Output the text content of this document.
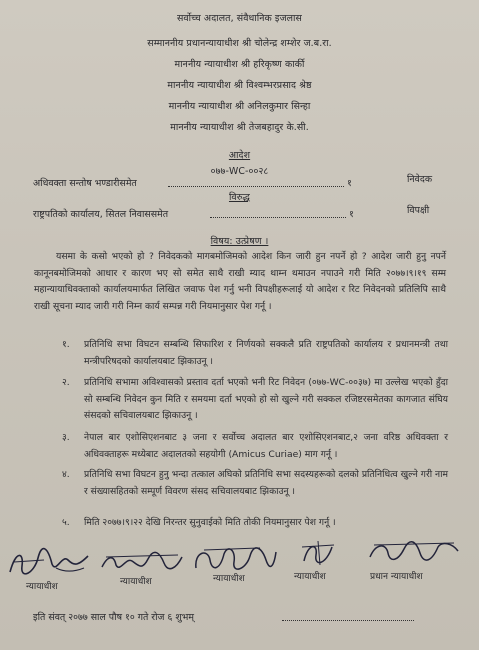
सर्वोच्च अदालत, संवैधानिक इजलास
सम्माननीय प्रधानन्यायाधीश श्री चोलेन्द्र शम्शेर ज.ब.रा.
माननीय न्यायाधीश श्री हरिकृष्ण कार्की
माननीय न्यायाधीश श्री विश्वम्भरप्रसाद श्रेष्ठ
माननीय न्यायाधीश श्री अनिलकुमार सिन्हा
माननीय न्यायाधीश श्री तेजबहादुर के.सी.
आदेश
०७७-WC-००२८
अधिवक्ता सन्तोष भण्डारीसमेत	१	निवेदक
विरुद्ध
राष्ट्रपतिको कार्यालय, सितल निवाससमेत	१	विपक्षी
विषय: उत्प्रेषण ।
यसमा के कसो भएको हो ? निवेदकको मागबमोजिमको आदेश किन जारी हुन नपर्ने हो ? आदेश जारी हुनु नपर्ने कानूनबमोजिमको आधार र कारण भए सो समेत साथै राखी म्याद थाम्न थमाउन नपाउने गरी मिति २०७७।९।१९ सम्म महान्यायाधिवक्ताको कार्यालयमार्फत लिखित जवाफ पेश गर्नु भनी विपक्षीहरूलाई यो आदेश र रिट निवेदनको प्रतिलिपि साथै राखी सूचना म्याद जारी गरी निम्न कार्य सम्पन्न गरी नियमानुसार पेश गर्नू ।
१. प्रतिनिधि सभा विघटन सम्बन्धि सिफारिश र निर्णयको सक्कलै प्रति राष्ट्रपतिको कार्यालय र प्रधानमन्त्री तथा मन्त्रीपरिषदको कार्यालयबाट झिकाउनू ।
२. प्रतिनिधि सभामा अविश्वासको प्रस्ताव दर्ता भएको भनी रिट निवेदन (०७७-WC-००३७) मा उल्लेख भएको हुँदा सो सम्बन्धि निवेदन कुन मिति र समयमा दर्ता भएको हो सो खुल्ने गरी सक्कल रजिष्टरसमेतका कागजात संघिय संसदको सचिवालयबाट झिकाउनू ।
३. नेपाल बार एशोसिएशनबाट ३ जना र सर्वोच्च अदालत बार एशोसिएशनबाट,२ जना वरिष्ठ अधिवक्ता र अधिवक्ताहरू मध्येबाट अदालतको सहयोगी (Amicus Curiae) माग गर्नू ।
४. प्रतिनिधि सभा विघटन हुनु भन्दा तत्काल अघिको प्रतिनिधि सभा सदस्यहरूको दलको प्रतिनिधित्व खुल्ने गरी नाम र संख्यासहितको सम्पूर्ण विवरण संसद सचिवालयबाट झिकाउनू ।
५. मिति २०७७।९।२२ देखि निरन्तर सुनुवाईको मिति तोकी नियमानुसार पेश गर्नू ।
न्यायाधीश	न्यायाधीश	न्यायाधीश	न्यायाधीश	प्रधान न्यायाधीश
इति संवत् २०७७ साल पौष १० गते रोज ६ शुभम्
